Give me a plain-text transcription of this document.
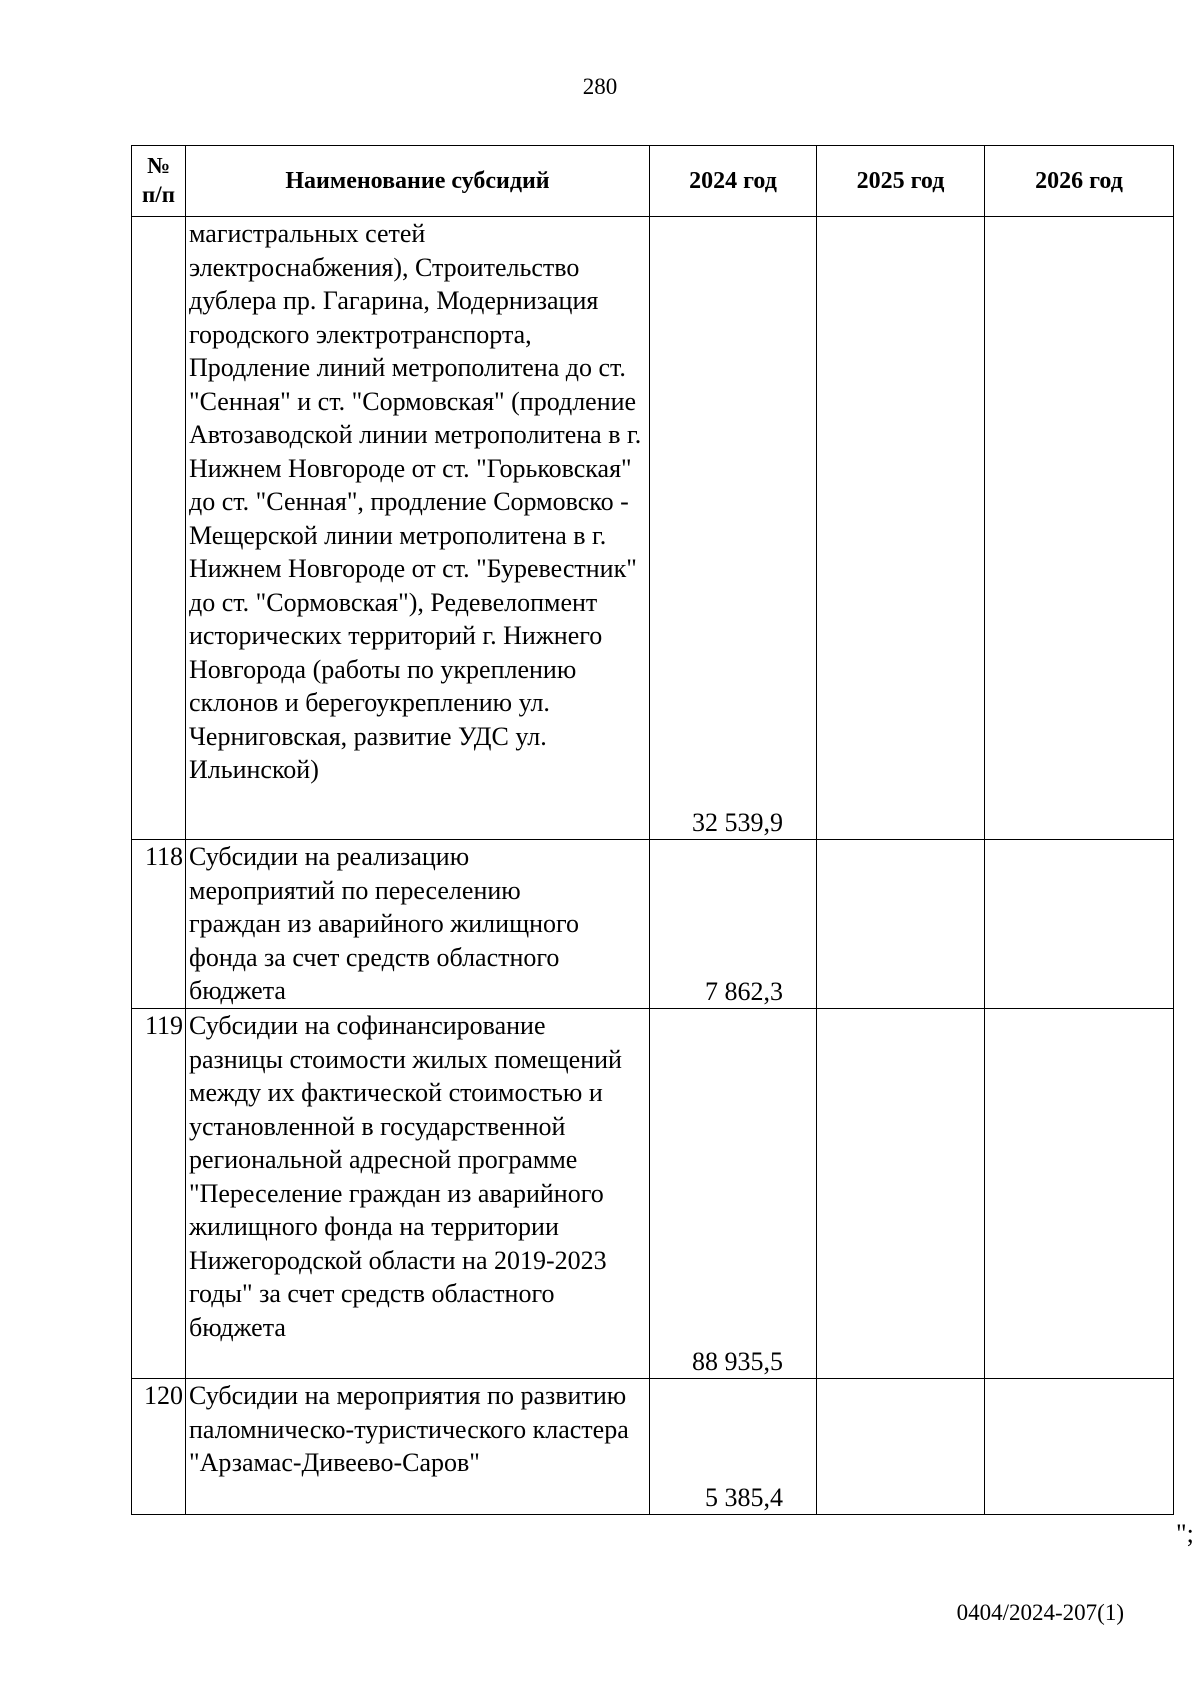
280
№
п/п	Наименование субсидий	2024 год	2025 год	2026 год
	магистральных сетей электроснабжения), Строительство дублера пр. Гагарина, Модернизация городского электротранспорта, Продление линий метрополитена до ст. "Сенная" и ст. "Сормовская" (продление Автозаводской линии метрополитена в г. Нижнем Новгороде от ст. "Горьковская" до ст. "Сенная", продление Сормовско - Мещерской линии метрополитена в г. Нижнем Новгороде от ст. "Буревестник" до ст. "Сормовская"), Редевелопмент исторических территорий г. Нижнего Новгорода (работы по укреплению склонов и берегоукреплению ул. Черниговская, развитие УДС ул. Ильинской)	32 539,9		
118	Субсидии на реализацию мероприятий по переселению граждан из аварийного жилищного фонда за счет средств областного бюджета	7 862,3		
119	Субсидии на софинансирование разницы стоимости жилых помещений между их фактической стоимостью и установленной в государственной региональной адресной программе "Переселение граждан из аварийного жилищного фонда на территории Нижегородской области на 2019-2023 годы" за счет средств областного бюджета	88 935,5		
120	Субсидии на мероприятия по развитию паломническо-туристического кластера "Арзамас-Дивеево-Саров"	5 385,4		
";
0404/2024-207(1)
